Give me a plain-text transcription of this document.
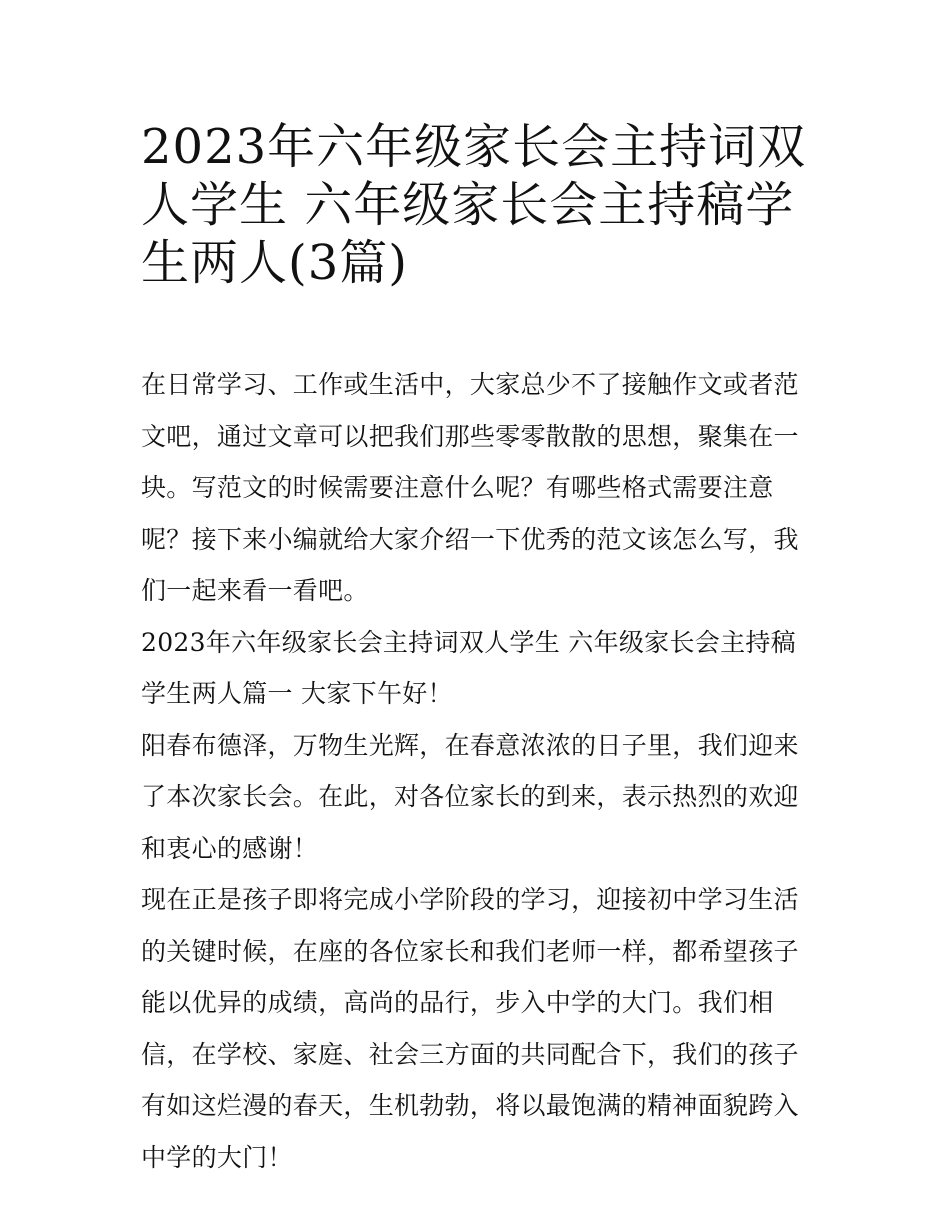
2023年六年级家长会主持词双
人学生 六年级家长会主持稿学
生两人(3篇)

在日常学习、工作或生活中，大家总少不了接触作文或者范文吧，通过文章可以把我们那些零零散散的思想，聚集在一块。写范文的时候需要注意什么呢？有哪些格式需要注意呢？接下来小编就给大家介绍一下优秀的范文该怎么写，我们一起来看一看吧。

2023年六年级家长会主持词双人学生 六年级家长会主持稿学生两人篇一 大家下午好！

阳春布德泽，万物生光辉，在春意浓浓的日子里，我们迎来了本次家长会。在此，对各位家长的到来，表示热烈的欢迎和衷心的感谢！

现在正是孩子即将完成小学阶段的学习，迎接初中学习生活的关键时候，在座的各位家长和我们老师一样，都希望孩子能以优异的成绩，高尚的品行，步入中学的大门。我们相信，在学校、家庭、社会三方面的共同配合下，我们的孩子有如这烂漫的春天，生机勃勃，将以最饱满的精神面貌跨入中学的大门！
